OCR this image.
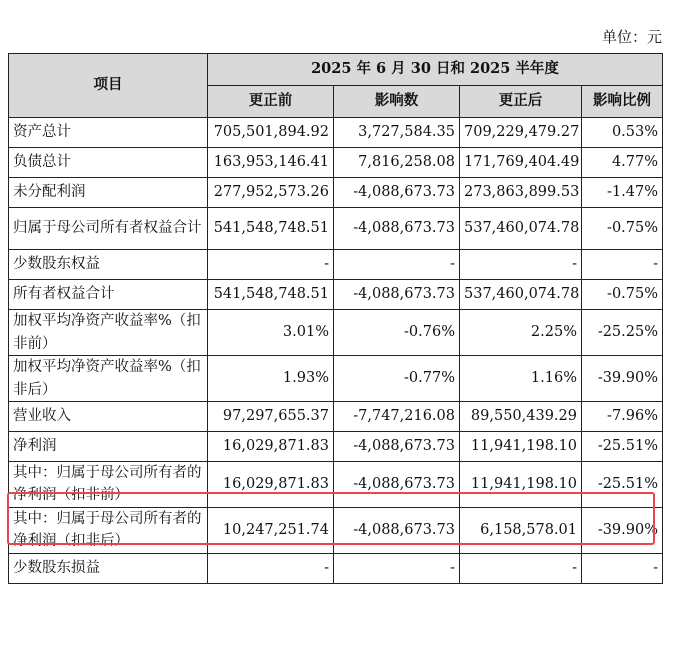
单位：元
项目	2025 年 6 月 30 日和 2025 半年度			
	更正前	影响数	更正后	影响比例
资产总计	705,501,894.92	3,727,584.35	709,229,479.27	0.53%
负债总计	163,953,146.41	7,816,258.08	171,769,404.49	4.77%
未分配利润	277,952,573.26	-4,088,673.73	273,863,899.53	-1.47%
归属于母公司所有者权益合计	541,548,748.51	-4,088,673.73	537,460,074.78	-0.75%
少数股东权益	-	-	-	-
所有者权益合计	541,548,748.51	-4,088,673.73	537,460,074.78	-0.75%
加权平均净资产收益率%（扣非前）	3.01%	-0.76%	2.25%	-25.25%
加权平均净资产收益率%（扣非后）	1.93%	-0.77%	1.16%	-39.90%
营业收入	97,297,655.37	-7,747,216.08	89,550,439.29	-7.96%
净利润	16,029,871.83	-4,088,673.73	11,941,198.10	-25.51%
其中：归属于母公司所有者的净利润（扣非前）	16,029,871.83	-4,088,673.73	11,941,198.10	-25.51%
其中：归属于母公司所有者的净利润（扣非后）	10,247,251.74	-4,088,673.73	6,158,578.01	-39.90%
少数股东损益	-	-	-	-
